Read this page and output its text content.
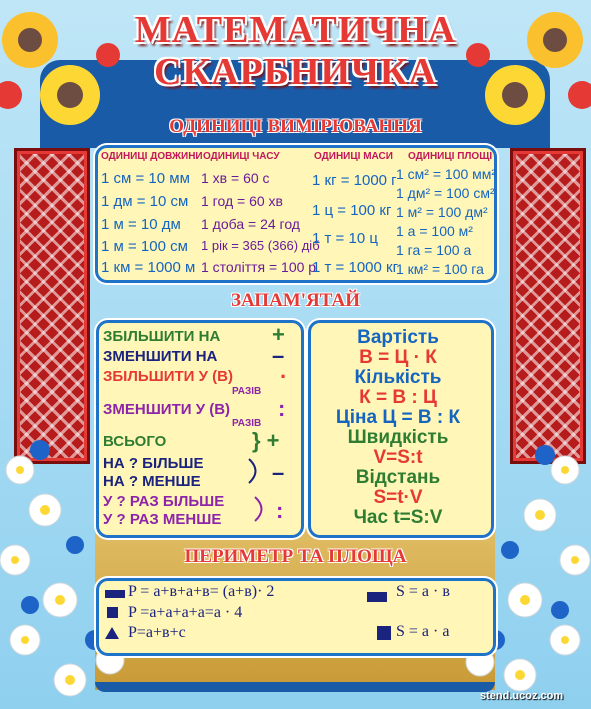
МАТЕМАТИЧНА
СКАРБНИЧКА
ОДИНИЦІ ВИМІРЮВАННЯ
ОДИНИЦІ ДОВЖИНИ
1 см = 10 мм
1 дм = 10 см
1 м = 10 дм
1 м = 100 см
1 км = 1000 м
ОДИНИЦІ ЧАСУ
1 хв = 60 с
1 год = 60 хв
1 доба = 24 год
1 рік = 365 (366) діб
1 століття = 100 р
ОДИНИЦІ МАСИ
1 кг = 1000 г
1 ц = 100 кг
1 т = 10 ц
1 т = 1000 кг
ОДИНИЦІ ПЛОЩІ
1 см² = 100 мм²
1 дм² = 100 см²
1 м² = 100 дм²
1 а = 100 м²
1 га = 100 а
1 км² = 100 га
ЗАПАМ'ЯТАЙ
ЗБІЛЬШИТИ НА +
ЗМЕНШИТИ НА –
ЗБІЛЬШИТИ У (В) ·
РАЗІВ
ЗМЕНШИТИ У (В) :
РАЗІВ
ВСЬОГО	} +
НА ? БІЛЬШЕ
НА ? МЕНШЕ	–
У ? РАЗ БІЛЬШЕ
У ? РАЗ МЕНШЕ :
Вартість
В = Ц · К
Кількість
К = В : Ц
Ціна Ц = В : К
Швидкість
V=S:t
Відстань
S=t·V
Час t=S:V
ПЕРИМЕТР ТА ПЛОЩА
P = а+в+а+в= (а+в)· 2
P =а+а+а+а=а · 4
P=а+в+с
S = а · в
S = а · а
stend.ucoz.com
